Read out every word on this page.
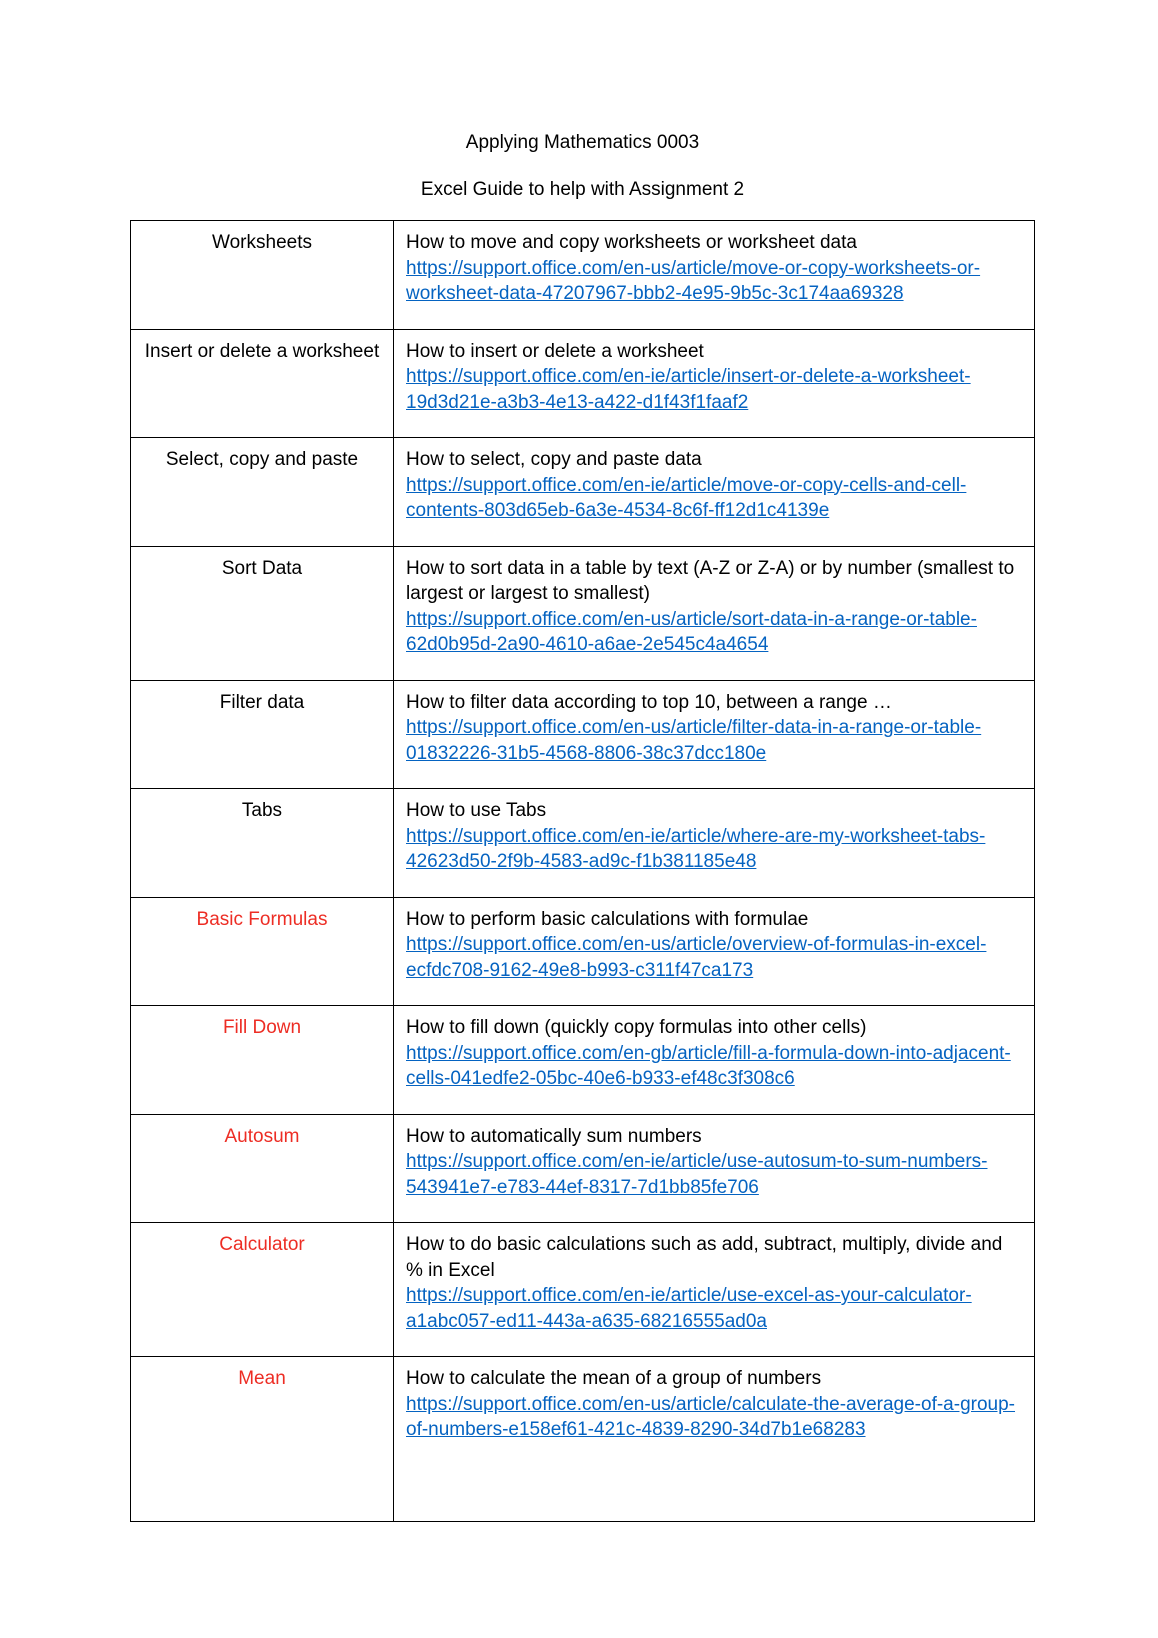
Applying Mathematics 0003

Excel Guide to help with Assignment 2

Worksheets	How to move and copy worksheets or worksheet data

https://support.office.com/en-us/article/move-or-copy-worksheets-or-worksheet-data-47207967-bbb2-4e95-9b5c-3c174aa69328

Insert or delete a worksheet	How to insert or delete a worksheet

https://support.office.com/en-ie/article/insert-or-delete-a-worksheet-19d3d21e-a3b3-4e13-a422-d1f43f1faaf2

Select, copy and paste	How to select, copy and paste data

https://support.office.com/en-ie/article/move-or-copy-cells-and-cell-contents-803d65eb-6a3e-4534-8c6f-ff12d1c4139e

Sort Data	How to sort data in a table by text (A-Z or Z-A) or by number (smallest to largest or largest to smallest)

https://support.office.com/en-us/article/sort-data-in-a-range-or-table-62d0b95d-2a90-4610-a6ae-2e545c4a4654

Filter data	How to filter data according to top 10, between a range …

https://support.office.com/en-us/article/filter-data-in-a-range-or-table-01832226-31b5-4568-8806-38c37dcc180e

Tabs	How to use Tabs

https://support.office.com/en-ie/article/where-are-my-worksheet-tabs-42623d50-2f9b-4583-ad9c-f1b381185e48

Basic Formulas	How to perform basic calculations with formulae

https://support.office.com/en-us/article/overview-of-formulas-in-excel-ecfdc708-9162-49e8-b993-c311f47ca173

Fill Down	How to fill down (quickly copy formulas into other cells)

https://support.office.com/en-gb/article/fill-a-formula-down-into-adjacent-cells-041edfe2-05bc-40e6-b933-ef48c3f308c6

Autosum	How to automatically sum numbers

https://support.office.com/en-ie/article/use-autosum-to-sum-numbers-543941e7-e783-44ef-8317-7d1bb85fe706

Calculator	How to do basic calculations such as add, subtract, multiply, divide and % in Excel

https://support.office.com/en-ie/article/use-excel-as-your-calculator-a1abc057-ed11-443a-a635-68216555ad0a

Mean	How to calculate the mean of a group of numbers

https://support.office.com/en-us/article/calculate-the-average-of-a-group-of-numbers-e158ef61-421c-4839-8290-34d7b1e68283
